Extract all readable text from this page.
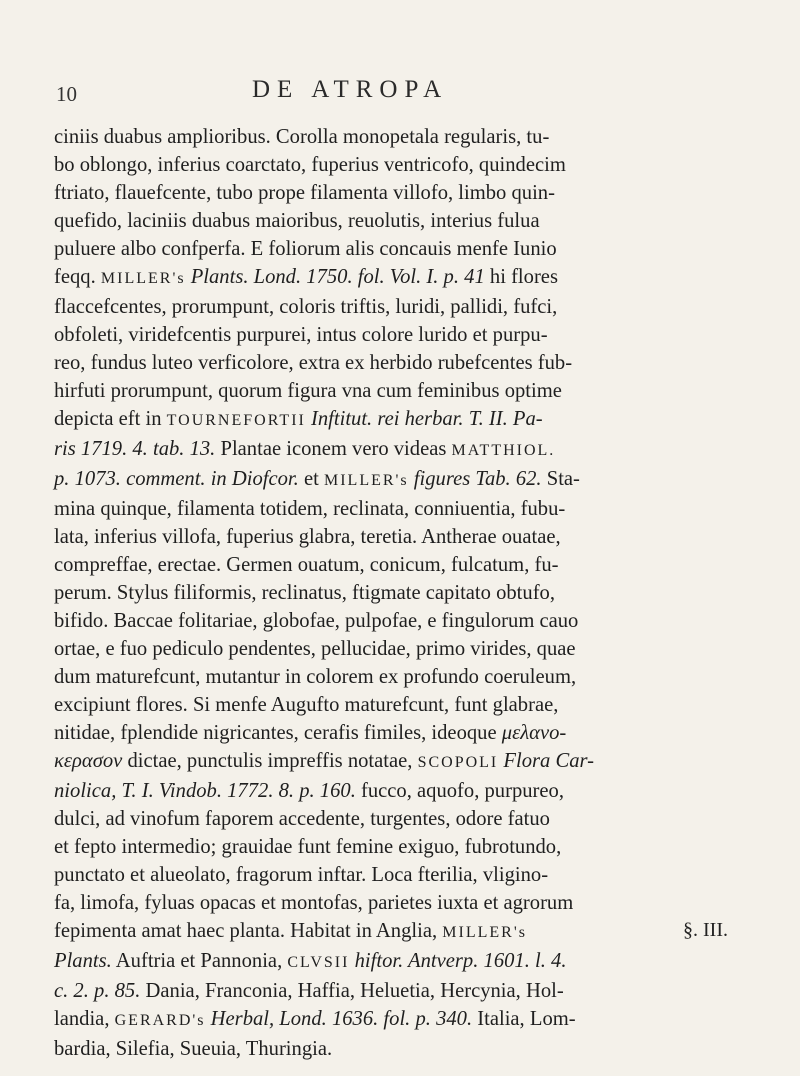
10	DE ATROPA

ciniis duabus amplioribus. Corolla monopetala regularis, tu-
bo oblongo, inferius coarctato, fuperius ventricofo, quindecim
ftriato, flauefcente, tubo prope filamenta villofo, limbo quin-
quefido, laciniis duabus maioribus, reuolutis, interius fulua
puluere albo confperfa. E foliorum alis concauis menfe Iunio
feqq. MILLER's Plants. Lond. 1750. fol. Vol. I. p. 41 hi flores
flaccefcentes, prorumpunt, coloris triftis, luridi, pallidi, fufci,
obfoleti, viridefcentis purpurei, intus colore lurido et purpu-
reo, fundus luteo verficolore, extra ex herbido rubefcentes fub-
hirfuti prorumpunt, quorum figura vna cum feminibus optime
depicta eft in TOURNEFORTII Inftitut. rei herbar. T. II. Pa-
ris 1719. 4. tab. 13. Plantae iconem vero videas MATTHIOL.
p. 1073. comment. in Diofcor. et MILLER's figures Tab. 62. Sta-
mina quinque, filamenta totidem, reclinata, conniuentia, fubu-
lata, inferius villofa, fuperius glabra, teretia. Antherae ouatae,
compreffae, erectae. Germen ouatum, conicum, fulcatum, fu-
perum. Stylus filiformis, reclinatus, ftigmate capitato obtufo,
bifido. Baccae folitariae, globofae, pulpofae, e fingulorum cauo
ortae, e fuo pediculo pendentes, pellucidae, primo virides, quae
dum maturefcunt, mutantur in colorem ex profundo coeruleum,
excipiunt flores. Si menfe Augufto maturefcunt, funt glabrae,
nitidae, fplendide nigricantes, cerafis fimiles, ideoque μελανο-
κερασον dictae, punctulis impreffis notatae, SCOPOLI Flora Car-
niolica, T. I. Vindob. 1772. 8. p. 160. fucco, aquofo, purpureo,
dulci, ad vinofum faporem accedente, turgentes, odore fatuo
et fepto intermedio; grauidae funt femine exiguo, fubrotundo,
punctato et alueolato, fragorum inftar. Loca fterilia, vligino-
fa, limofa, fyluas opacas et montofas, parietes iuxta et agrorum
fepimenta amat haec planta. Habitat in Anglia, MILLER's
Plants. Auftria et Pannonia, CLVSII hiftor. Antverp. 1601. l. 4.
c. 2. p. 85. Dania, Franconia, Haffia, Heluetia, Hercynia, Hol-
landia, GERARD's Herbal, Lond. 1636. fol. p. 340. Italia, Lom-
bardia, Silefia, Sueuia, Thuringia.

§. III.
